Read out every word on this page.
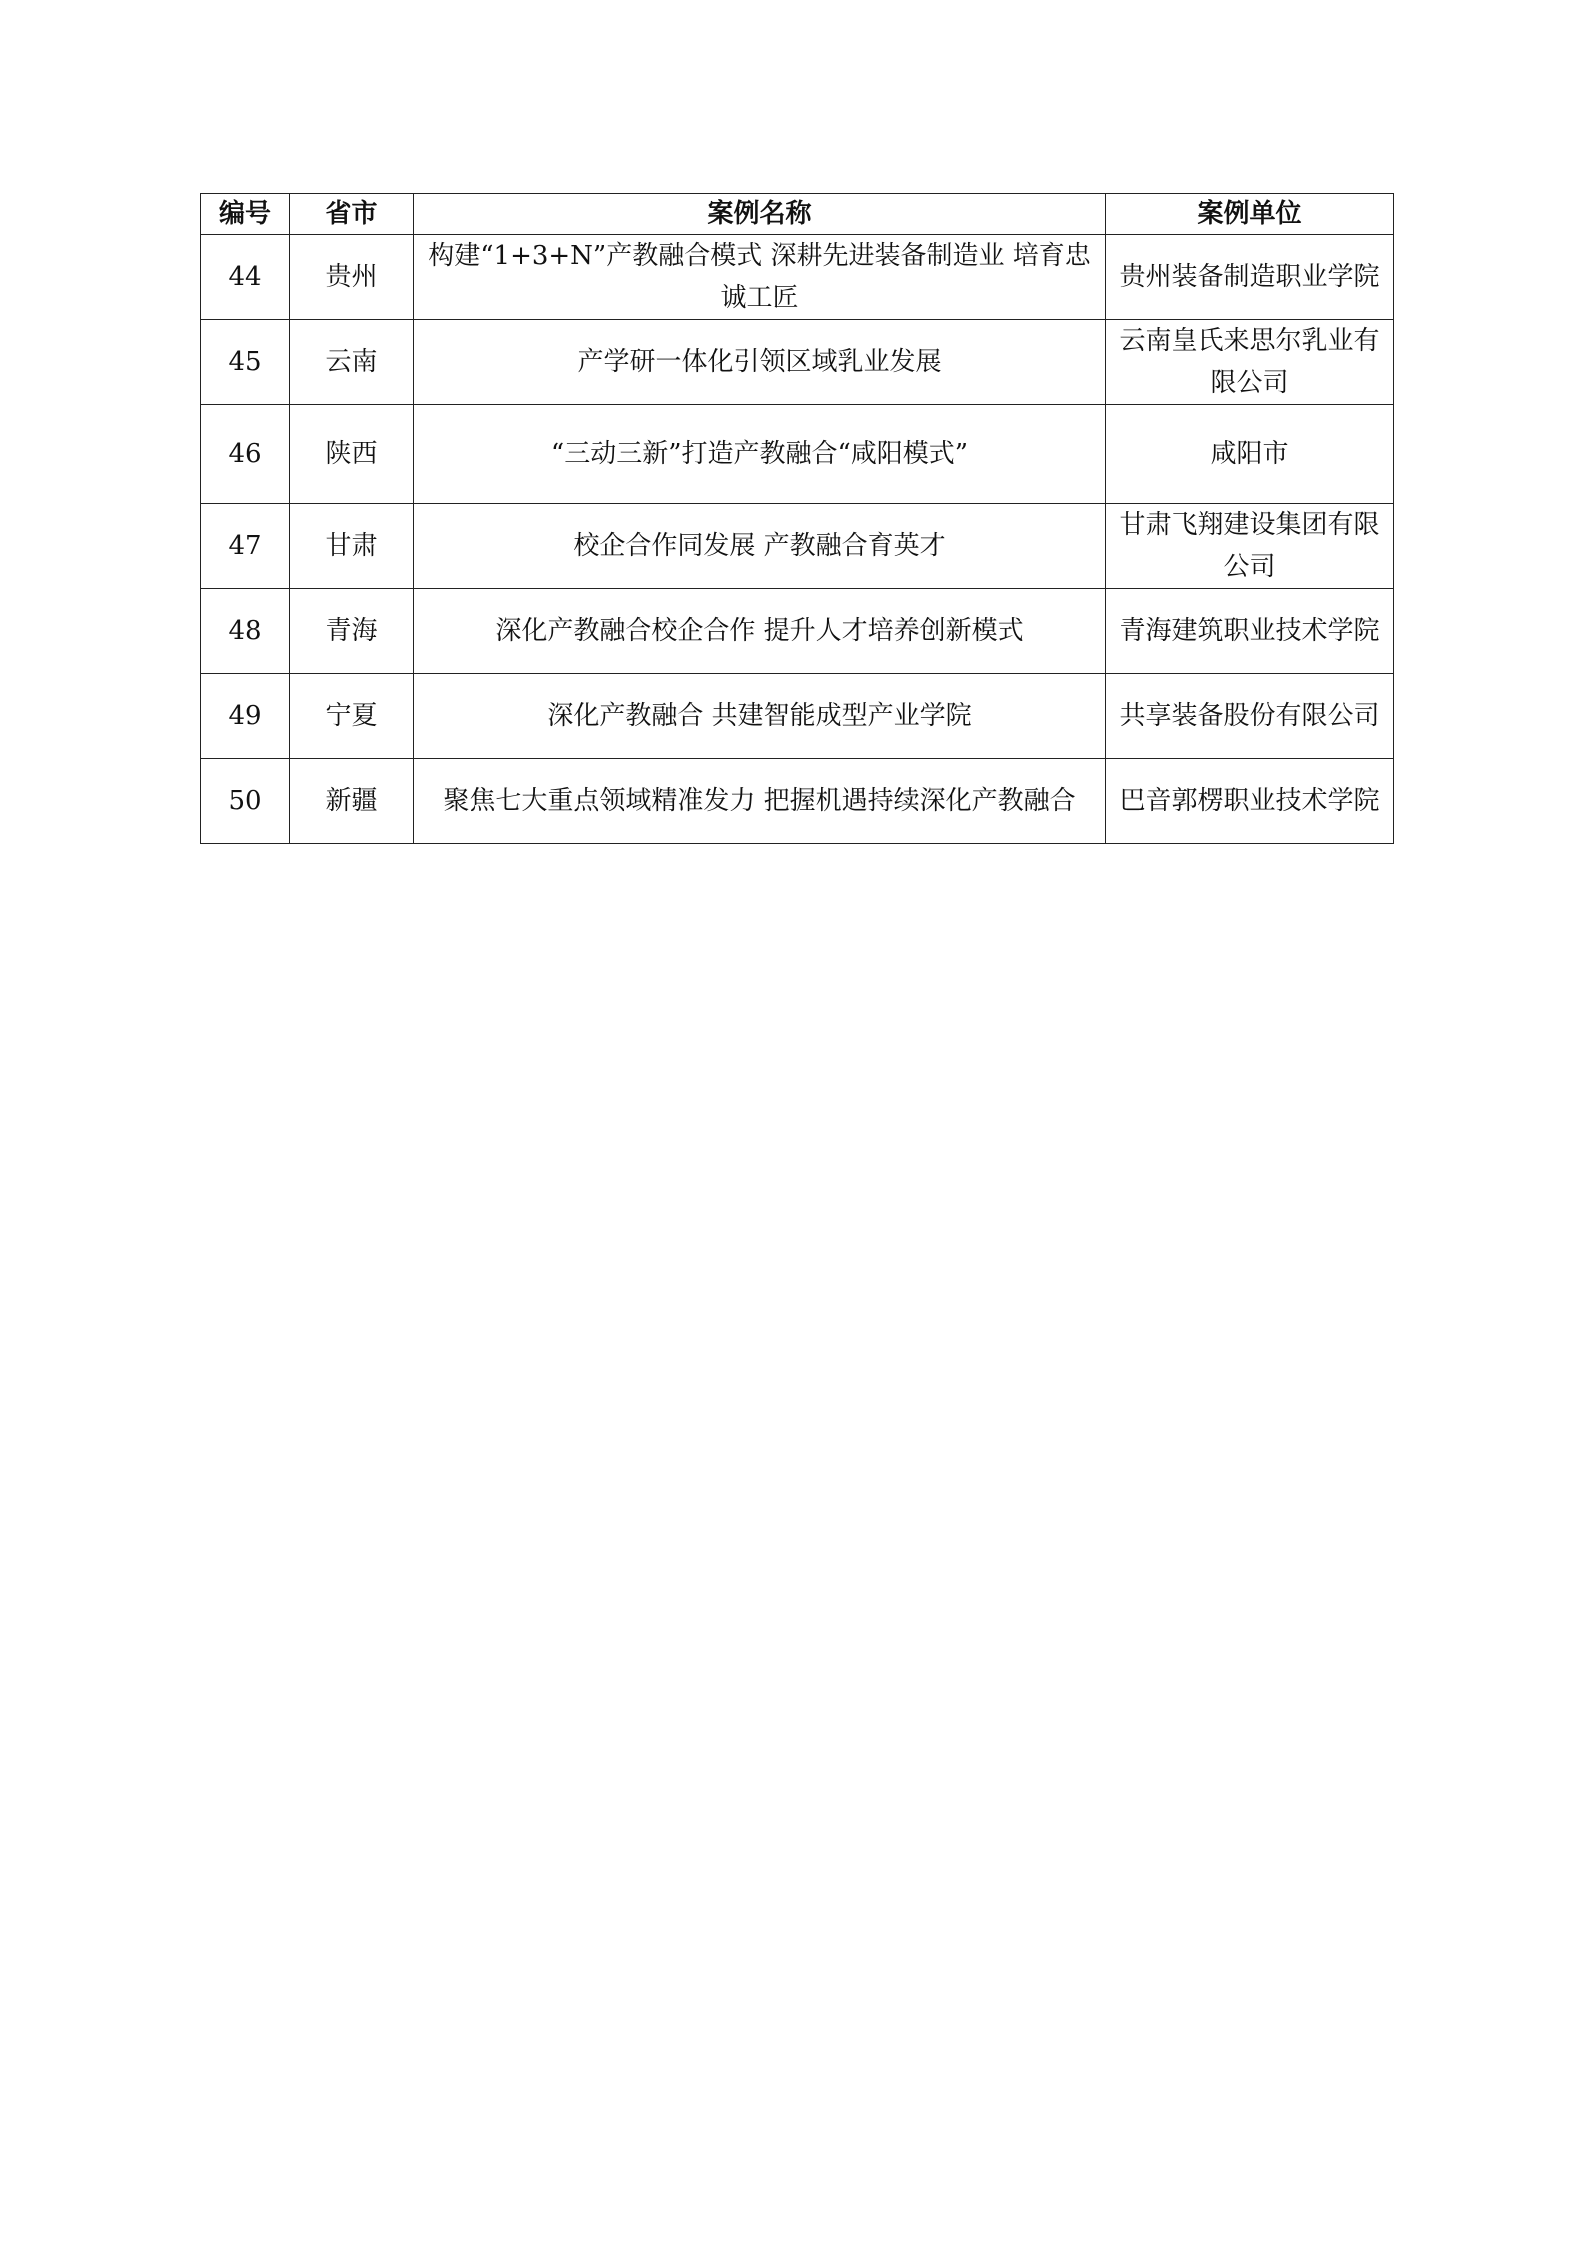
编号	省市	案例名称	案例单位
44	贵州	构建“1+3+N”产教融合模式 深耕先进装备制造业 培育忠诚工匠	贵州装备制造职业学院
45	云南	产学研一体化引领区域乳业发展	云南皇氏来思尔乳业有限公司
46	陕西	“三动三新”打造产教融合“咸阳模式”	咸阳市
47	甘肃	校企合作同发展 产教融合育英才	甘肃飞翔建设集团有限公司
48	青海	深化产教融合校企合作 提升人才培养创新模式	青海建筑职业技术学院
49	宁夏	深化产教融合 共建智能成型产业学院	共享装备股份有限公司
50	新疆	聚焦七大重点领域精准发力 把握机遇持续深化产教融合	巴音郭楞职业技术学院
